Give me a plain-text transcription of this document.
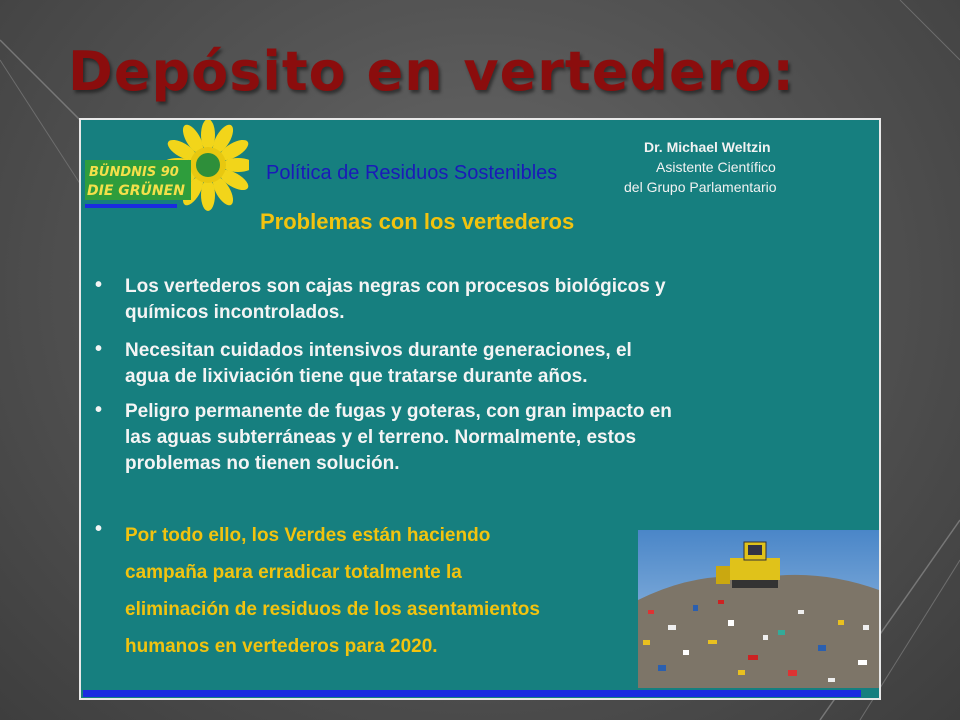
Depósito en vertedero:
BÜNDNIS 90
DIE GRÜNEN
Política de Residuos Sostenibles
Problemas con los vertederos
Dr. Michael Weltzin
Asistente Científico
del Grupo Parlamentario
• Los vertederos son cajas negras con procesos biológicos y
químicos incontrolados.
• Necesitan cuidados intensivos durante generaciones, el
agua de lixiviación tiene que tratarse durante años.
• Peligro permanente de fugas y goteras, con gran impacto en
las aguas subterráneas y el terreno. Normalmente, estos
problemas no tienen solución.
• Por todo ello, los Verdes están haciendo
campaña para erradicar totalmente la
eliminación de residuos de los asentamientos
humanos en vertederos para 2020.
